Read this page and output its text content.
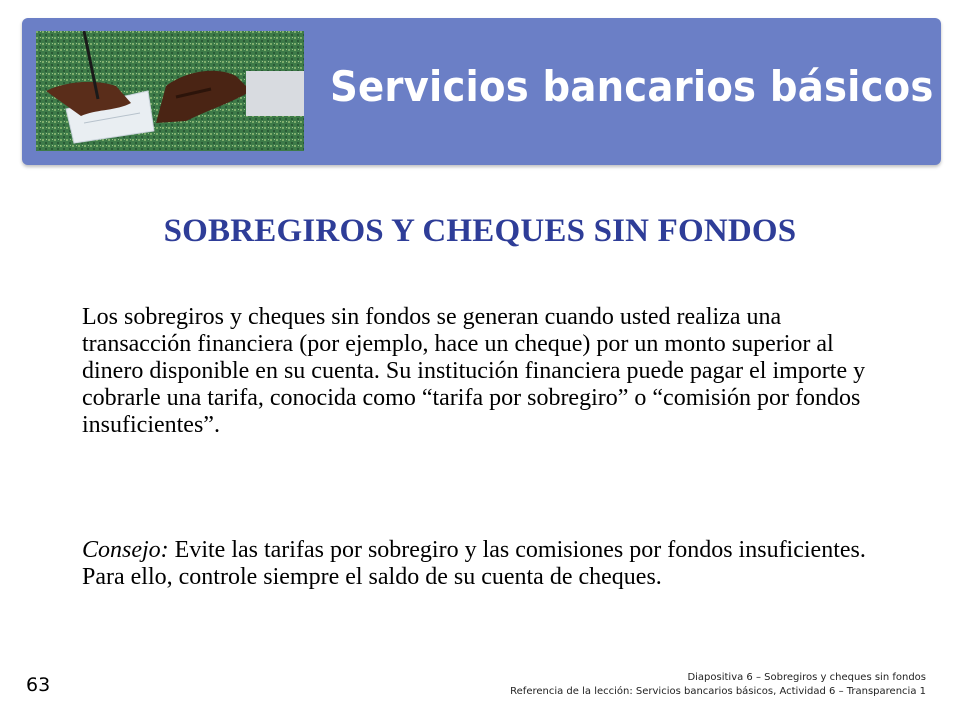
Servicios bancarios básicos
SOBREGIROS Y CHEQUES SIN FONDOS

Los sobregiros y cheques sin fondos se generan cuando usted realiza una transacción financiera (por ejemplo, hace un cheque) por un monto superior al dinero disponible en su cuenta. Su institución financiera puede pagar el importe y cobrarle una tarifa, conocida como “tarifa por sobregiro” o “comisión por fondos insuficientes”.

Consejo: Evite las tarifas por sobregiro y las comisiones por fondos insuficientes. Para ello, controle siempre el saldo de su cuenta de cheques.

63	Diapositiva 6 – Sobregiros y cheques sin fondos
Referencia de la lección: Servicios bancarios básicos, Actividad 6 – Transparencia 1
